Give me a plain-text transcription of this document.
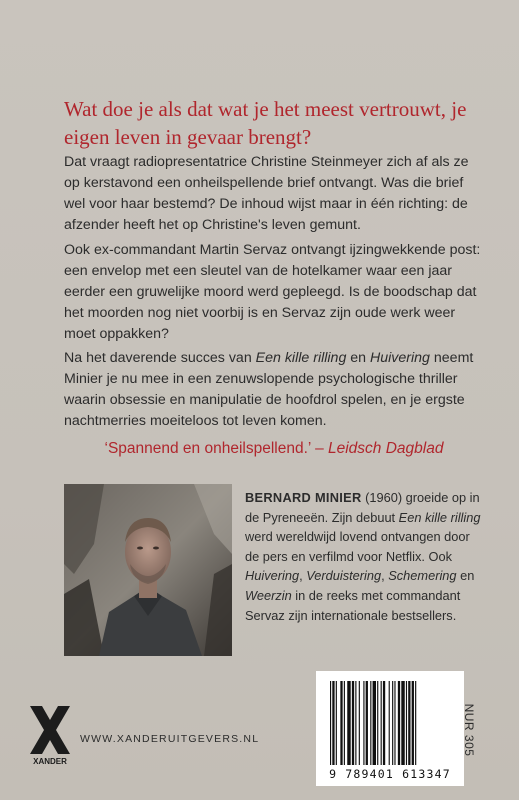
Wat doe je als dat wat je het meest vertrouwt, je eigen leven in gevaar brengt?
Dat vraagt radiopresentatrice Christine Steinmeyer zich af als ze op kerstavond een onheilspellende brief ontvangt. Was die brief wel voor haar bestemd? De inhoud wijst maar in één richting: de afzender heeft het op Christine's leven gemunt.
Ook ex-commandant Martin Servaz ontvangt ijzingwekkende post: een envelop met een sleutel van de hotelkamer waar een jaar eerder een gruwelijke moord werd gepleegd. Is de boodschap dat het moorden nog niet voorbij is en Servaz zijn oude werk weer moet oppakken?
Na het daverende succes van Een kille rilling en Huivering neemt Minier je nu mee in een zenuwslopende psychologische thriller waarin obsessie en manipulatie de hoofdrol spelen, en je ergste nachtmerries moeiteloos tot leven komen.
‘Spannend en onheilspellend.’ – Leidsch Dagblad
BERNARD MINIER (1960) groeide op in de Pyreneeën. Zijn debuut Een kille rilling werd wereldwijd lovend ontvangen door de pers en verfilmd voor Netflix. Ook Huivering, Verduistering, Schemering en Weerzin in de reeks met commandant Servaz zijn internationale bestsellers.
XANDER
WWW.XANDERUITGEVERS.NL
9 789401 613347
NUR 305
